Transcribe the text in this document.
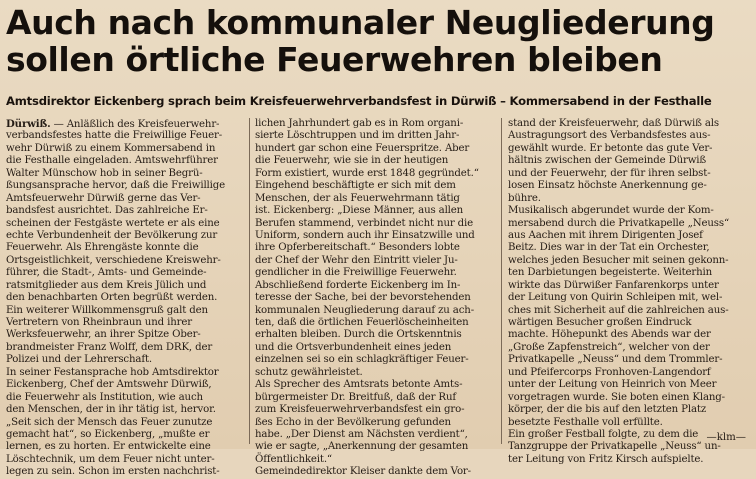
Auch nach kommunaler Neugliederung
sollen örtliche Feuerwehren bleiben
Amtsdirektor Eickenberg sprach beim Kreisfeuerwehrverbandsfest in Dürwiß – Kommersabend in der Festhalle
Dürwiß. — Anläßlich des Kreisfeuerwehr-
verbandsfestes hatte die Freiwillige Feuer-
wehr Dürwiß zu einem Kommersabend in
die Festhalle eingeladen. Amtswehrführer
Walter Münschow hob in seiner Begrü-
ßungsansprache hervor, daß die Freiwillige
Amtsfeuerwehr Dürwiß gerne das Ver-
bandsfest ausrichtet. Das zahlreiche Er-
scheinen der Festgäste wertete er als eine
echte Verbundenheit der Bevölkerung zur
Feuerwehr. Als Ehrengäste konnte die
Ortsgeistlichkeit, verschiedene Kreiswehr-
führer, die Stadt-, Amts- und Gemeinde-
ratsmitglieder aus dem Kreis Jülich und
den benachbarten Orten begrüßt werden.
Ein weiterer Willkommensgruß galt den
Vertretern von Rheinbraun und ihrer
Werksfeuerwehr, an ihrer Spitze Ober-
brandmeister Franz Wolff, dem DRK, der
Polizei und der Lehrerschaft.
In seiner Festansprache hob Amtsdirektor
Eickenberg, Chef der Amtswehr Dürwiß,
die Feuerwehr als Institution, wie auch
den Menschen, der in ihr tätig ist, hervor.
„Seit sich der Mensch das Feuer zunutze
gemacht hat“, so Eickenberg, „mußte er
lernen, es zu horten. Er entwickelte eine
Löschtechnik, um dem Feuer nicht unter-
legen zu sein. Schon im ersten nachchrist-
lichen Jahrhundert gab es in Rom organi-
sierte Löschtruppen und im dritten Jahr-
hundert gar schon eine Feuerspritze. Aber
die Feuerwehr, wie sie in der heutigen
Form existiert, wurde erst 1848 gegründet.“
Eingehend beschäftigte er sich mit dem
Menschen, der als Feuerwehrmann tätig
ist. Eickenberg: „Diese Männer, aus allen
Berufen stammend, verbindet nicht nur die
Uniform, sondern auch ihr Einsatzwille und
ihre Opferbereitschaft.“ Besonders lobte
der Chef der Wehr den Eintritt vieler Ju-
gendlicher in die Freiwillige Feuerwehr.
Abschließend forderte Eickenberg im In-
teresse der Sache, bei der bevorstehenden
kommunalen Neugliederung darauf zu ach-
ten, daß die örtlichen Feuerlöscheinheiten
erhalten bleiben. Durch die Ortskenntnis
und die Ortsverbundenheit eines jeden
einzelnen sei so ein schlagkräftiger Feuer-
schutz gewährleistet.
Als Sprecher des Amtsrats betonte Amts-
bürgermeister Dr. Breitfuß, daß der Ruf
zum Kreisfeuerwehrverbandsfest ein gro-
ßes Echo in der Bevölkerung gefunden
habe. „Der Dienst am Nächsten verdient“,
wie er sagte, „Anerkennung der gesamten
Öffentlichkeit.“
Gemeindedirektor Kleiser dankte dem Vor-
stand der Kreisfeuerwehr, daß Dürwiß als
Austragungsort des Verbandsfestes aus-
gewählt wurde. Er betonte das gute Ver-
hältnis zwischen der Gemeinde Dürwiß
und der Feuerwehr, der für ihren selbst-
losen Einsatz höchste Anerkennung ge-
bühre.
Musikalisch abgerundet wurde der Kom-
mersabend durch die Privatkapelle „Neuss“
aus Aachen mit ihrem Dirigenten Josef
Beitz. Dies war in der Tat ein Orchester,
welches jeden Besucher mit seinen gekonn-
ten Darbietungen begeisterte. Weiterhin
wirkte das Dürwißer Fanfarenkorps unter
der Leitung von Quirin Schleipen mit, wel-
ches mit Sicherheit auf die zahlreichen aus-
wärtigen Besucher großen Eindruck
machte. Höhepunkt des Abends war der
„Große Zapfenstreich“, welcher von der
Privatkapelle „Neuss“ und dem Trommler-
und Pfeifercorps Fronhoven-Langendorf
unter der Leitung von Heinrich von Meer
vorgetragen wurde. Sie boten einen Klang-
körper, der die bis auf den letzten Platz
besetzte Festhalle voll erfüllte.
Ein großer Festball folgte, zu dem die
Tanzgruppe der Privatkapelle „Neuss“ un-
ter Leitung von Fritz Kirsch aufspielte.
—klm—
